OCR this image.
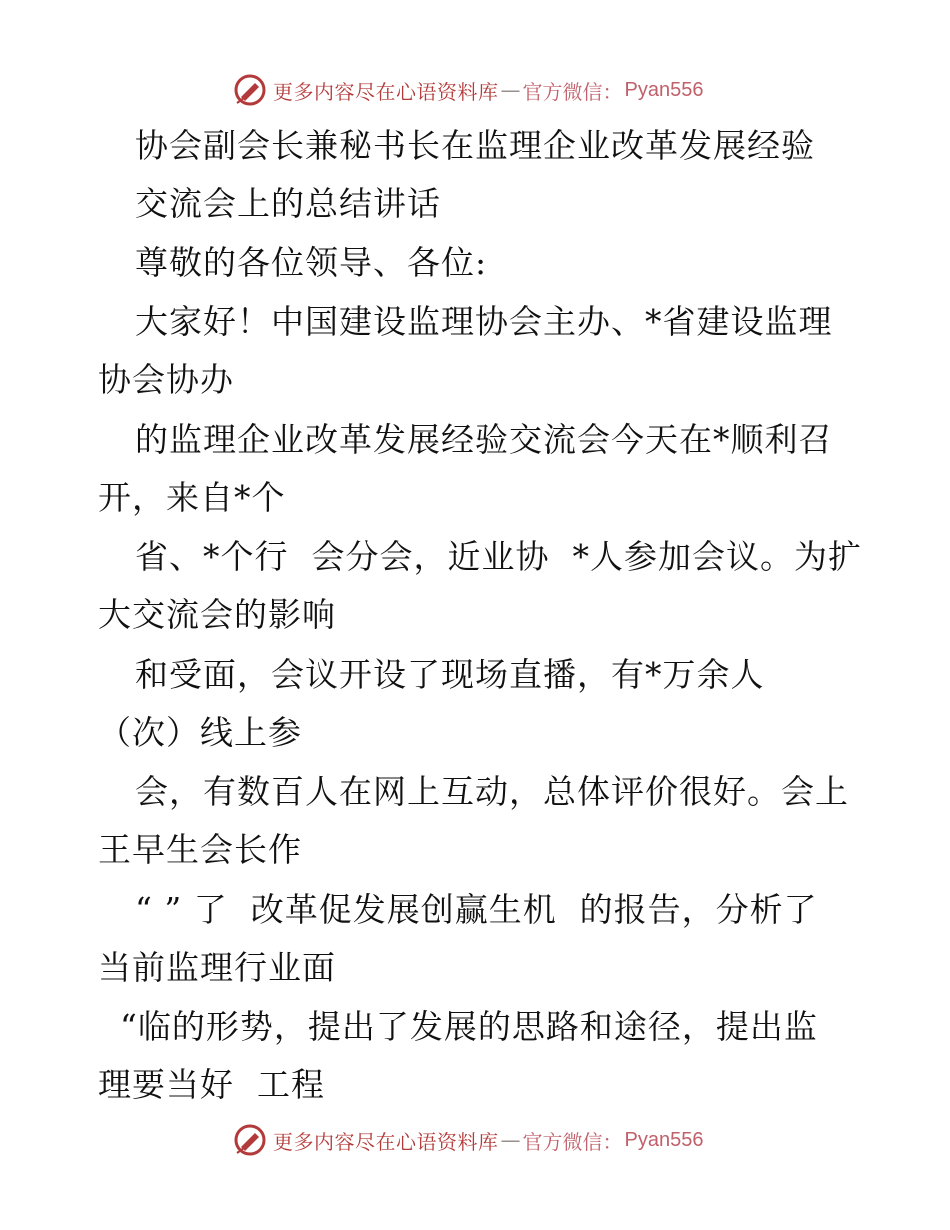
更多内容尽在心语资料库 — 官方微信： Pyan556
协会副会长兼秘书长在监理企业改革发展经验
交流会上的总结讲话
尊敬的各位领导、各位:
大家好！中国建设监理协会主办、*省建设监理
协会协办
的监理企业改革发展经验交流会今天在*顺利召
开，来自*个
省、*个行  会分会，近业协  *人参加会议。为扩
大交流会的影响
和受面，会议开设了现场直播，有*万余人
（次）线上参
会，有数百人在网上互动，总体评价很好。会上
王早生会长作
“ ” 了  改革促发展创赢生机  的报告，分析了
当前监理行业面
“临的形势，提出了发展的思路和途径，提出监
理要当好  工程
更多内容尽在心语资料库 — 官方微信： Pyan556
